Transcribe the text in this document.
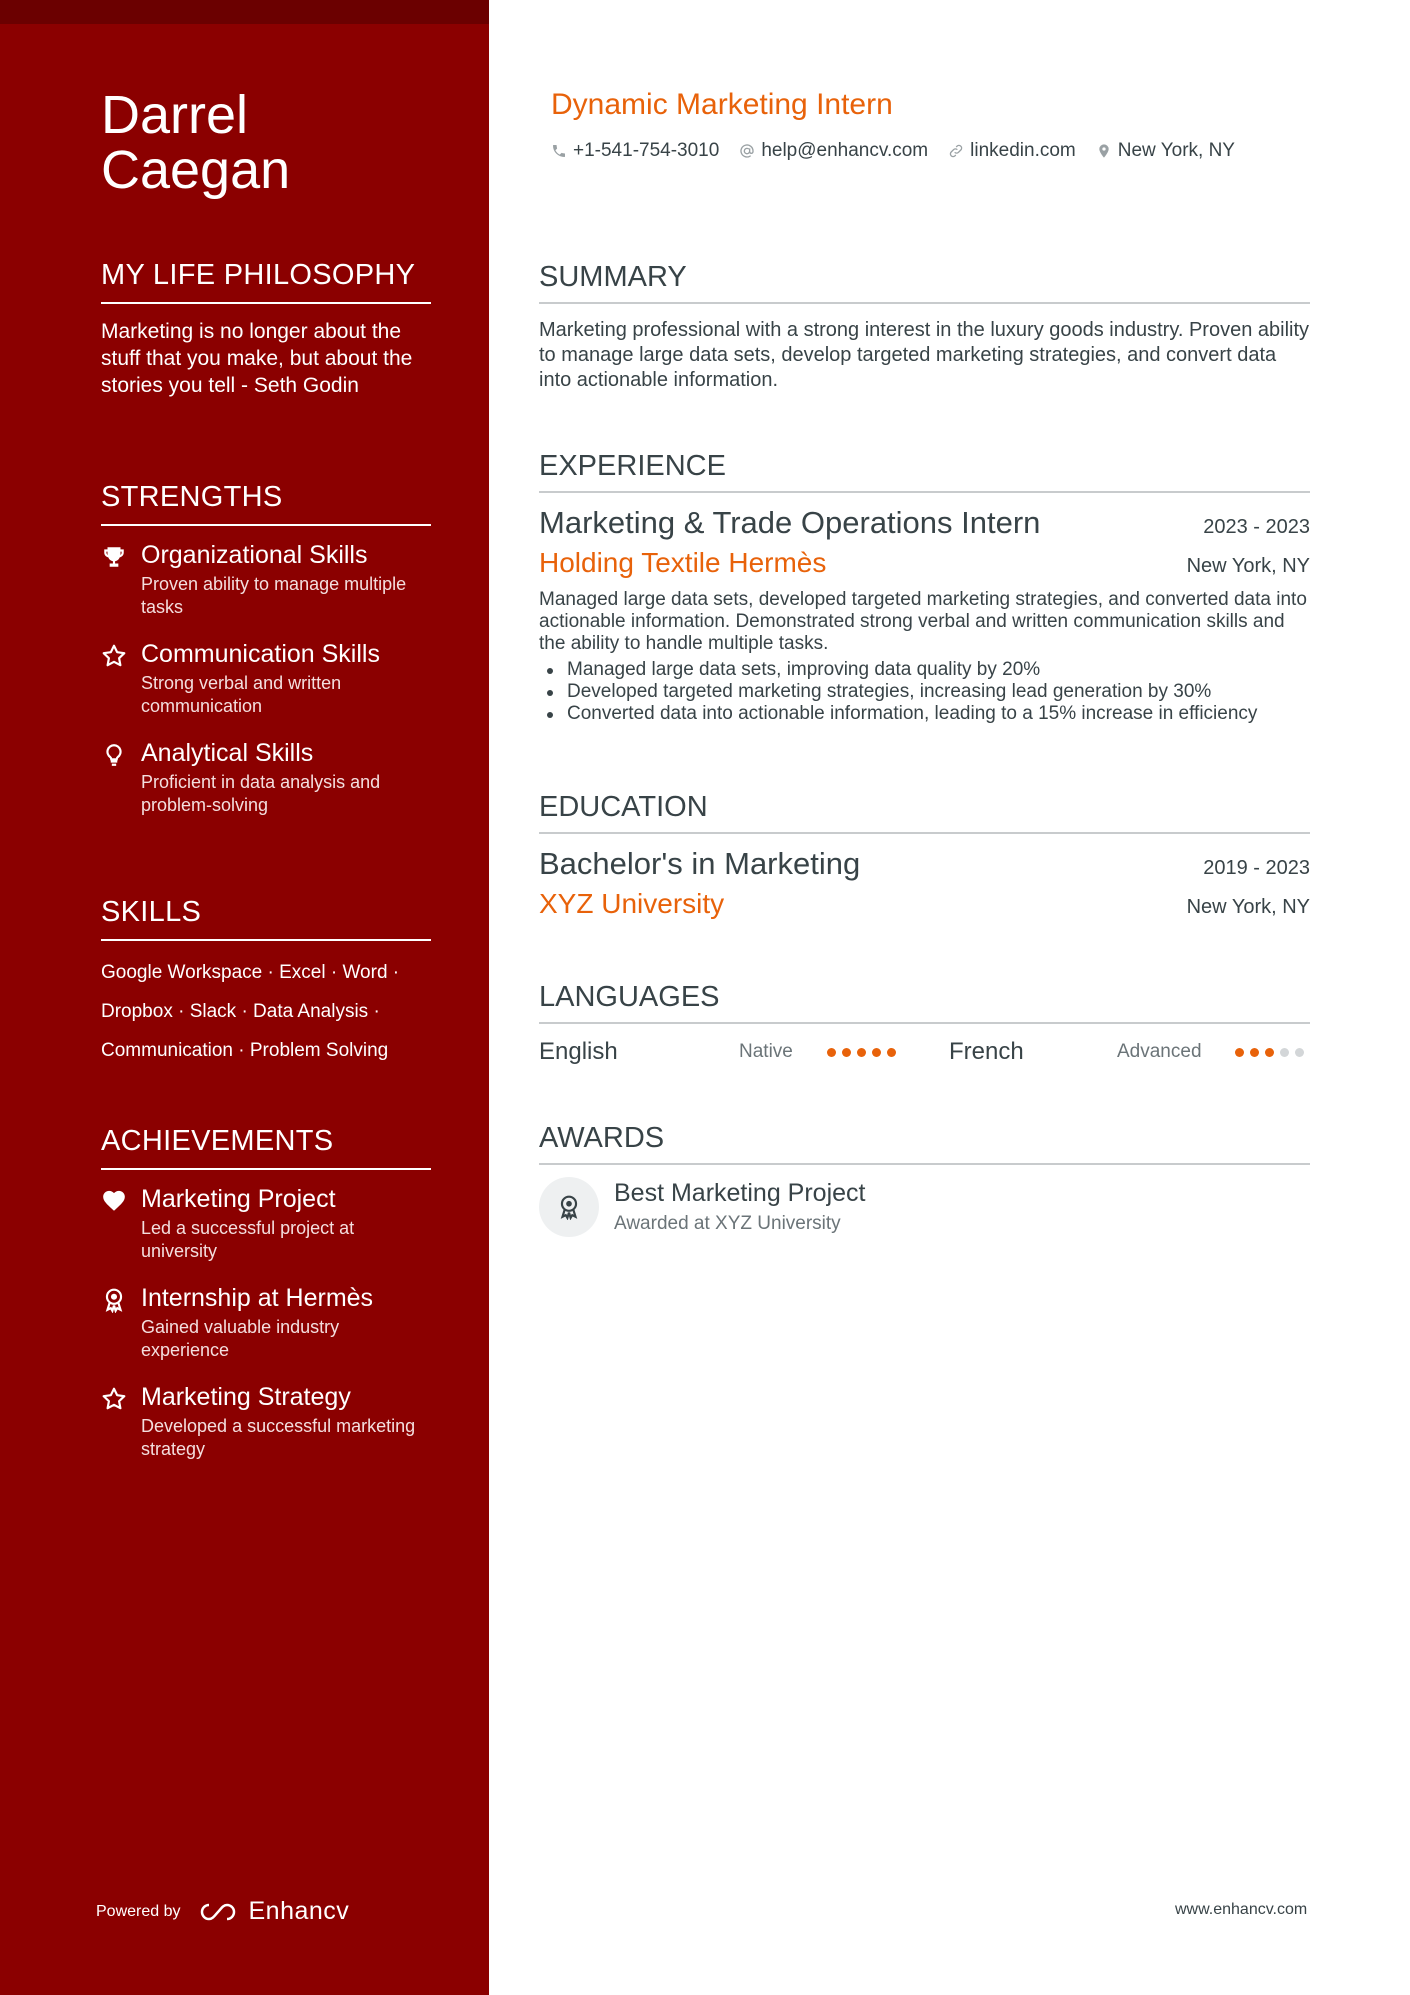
Darrel
Caegan
MY LIFE PHILOSOPHY
Marketing is no longer about the stuff that you make, but about the stories you tell - Seth Godin
STRENGTHS
Organizational Skills
Proven ability to manage multiple tasks
Communication Skills
Strong verbal and written communication
Analytical Skills
Proficient in data analysis and problem-solving
SKILLS
Google Workspace · Excel · Word ·
Dropbox · Slack · Data Analysis ·
Communication · Problem Solving
ACHIEVEMENTS
Marketing Project
Led a successful project at university
Internship at Hermès
Gained valuable industry experience
Marketing Strategy
Developed a successful marketing strategy
Powered by	Enhancv
Dynamic Marketing Intern
+1-541-754-3010 help@enhancv.com linkedin.com New York, NY
SUMMARY
Marketing professional with a strong interest in the luxury goods industry. Proven ability to manage large data sets, develop targeted marketing strategies, and convert data into actionable information.
EXPERIENCE
Marketing & Trade Operations Intern	2023 - 2023
Holding Textile Hermès	New York, NY
Managed large data sets, developed targeted marketing strategies, and converted data into actionable information. Demonstrated strong verbal and written communication skills and the ability to handle multiple tasks.
Managed large data sets, improving data quality by 20%
Developed targeted marketing strategies, increasing lead generation by 30%
Converted data into actionable information, leading to a 15% increase in efficiency
EDUCATION
Bachelor's in Marketing	2019 - 2023
XYZ University	New York, NY
LANGUAGES
English	Native	French	Advanced
AWARDS
Best Marketing Project
Awarded at XYZ University
www.enhancv.com
